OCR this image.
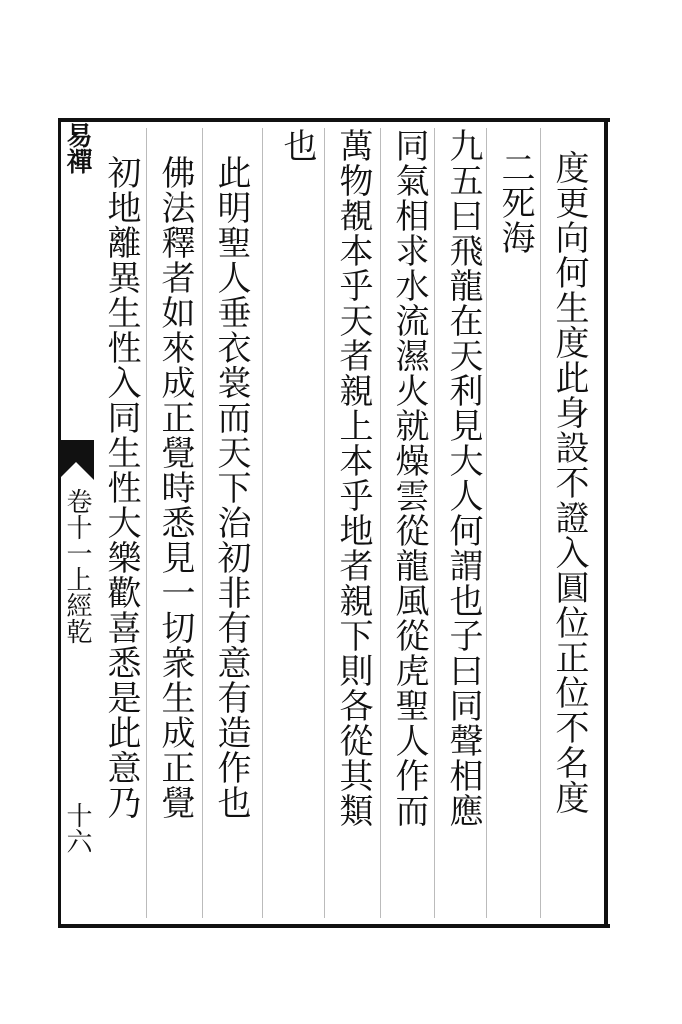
易禪
卷十一上經乾
十六
度更向何生度此身設不證入圓位正位不名度
二死海
九五曰飛龍在天利見大人何謂也子曰同聲相應
同氣相求水流濕火就燥雲從龍風從虎聖人作而
萬物覩本乎天者親上本乎地者親下則各從其類
也
此明聖人垂衣裳而天下治初非有意有造作也
佛法釋者如來成正覺時悉見一切衆生成正覺
初地離異生性入同生性大樂歡喜悉是此意乃
